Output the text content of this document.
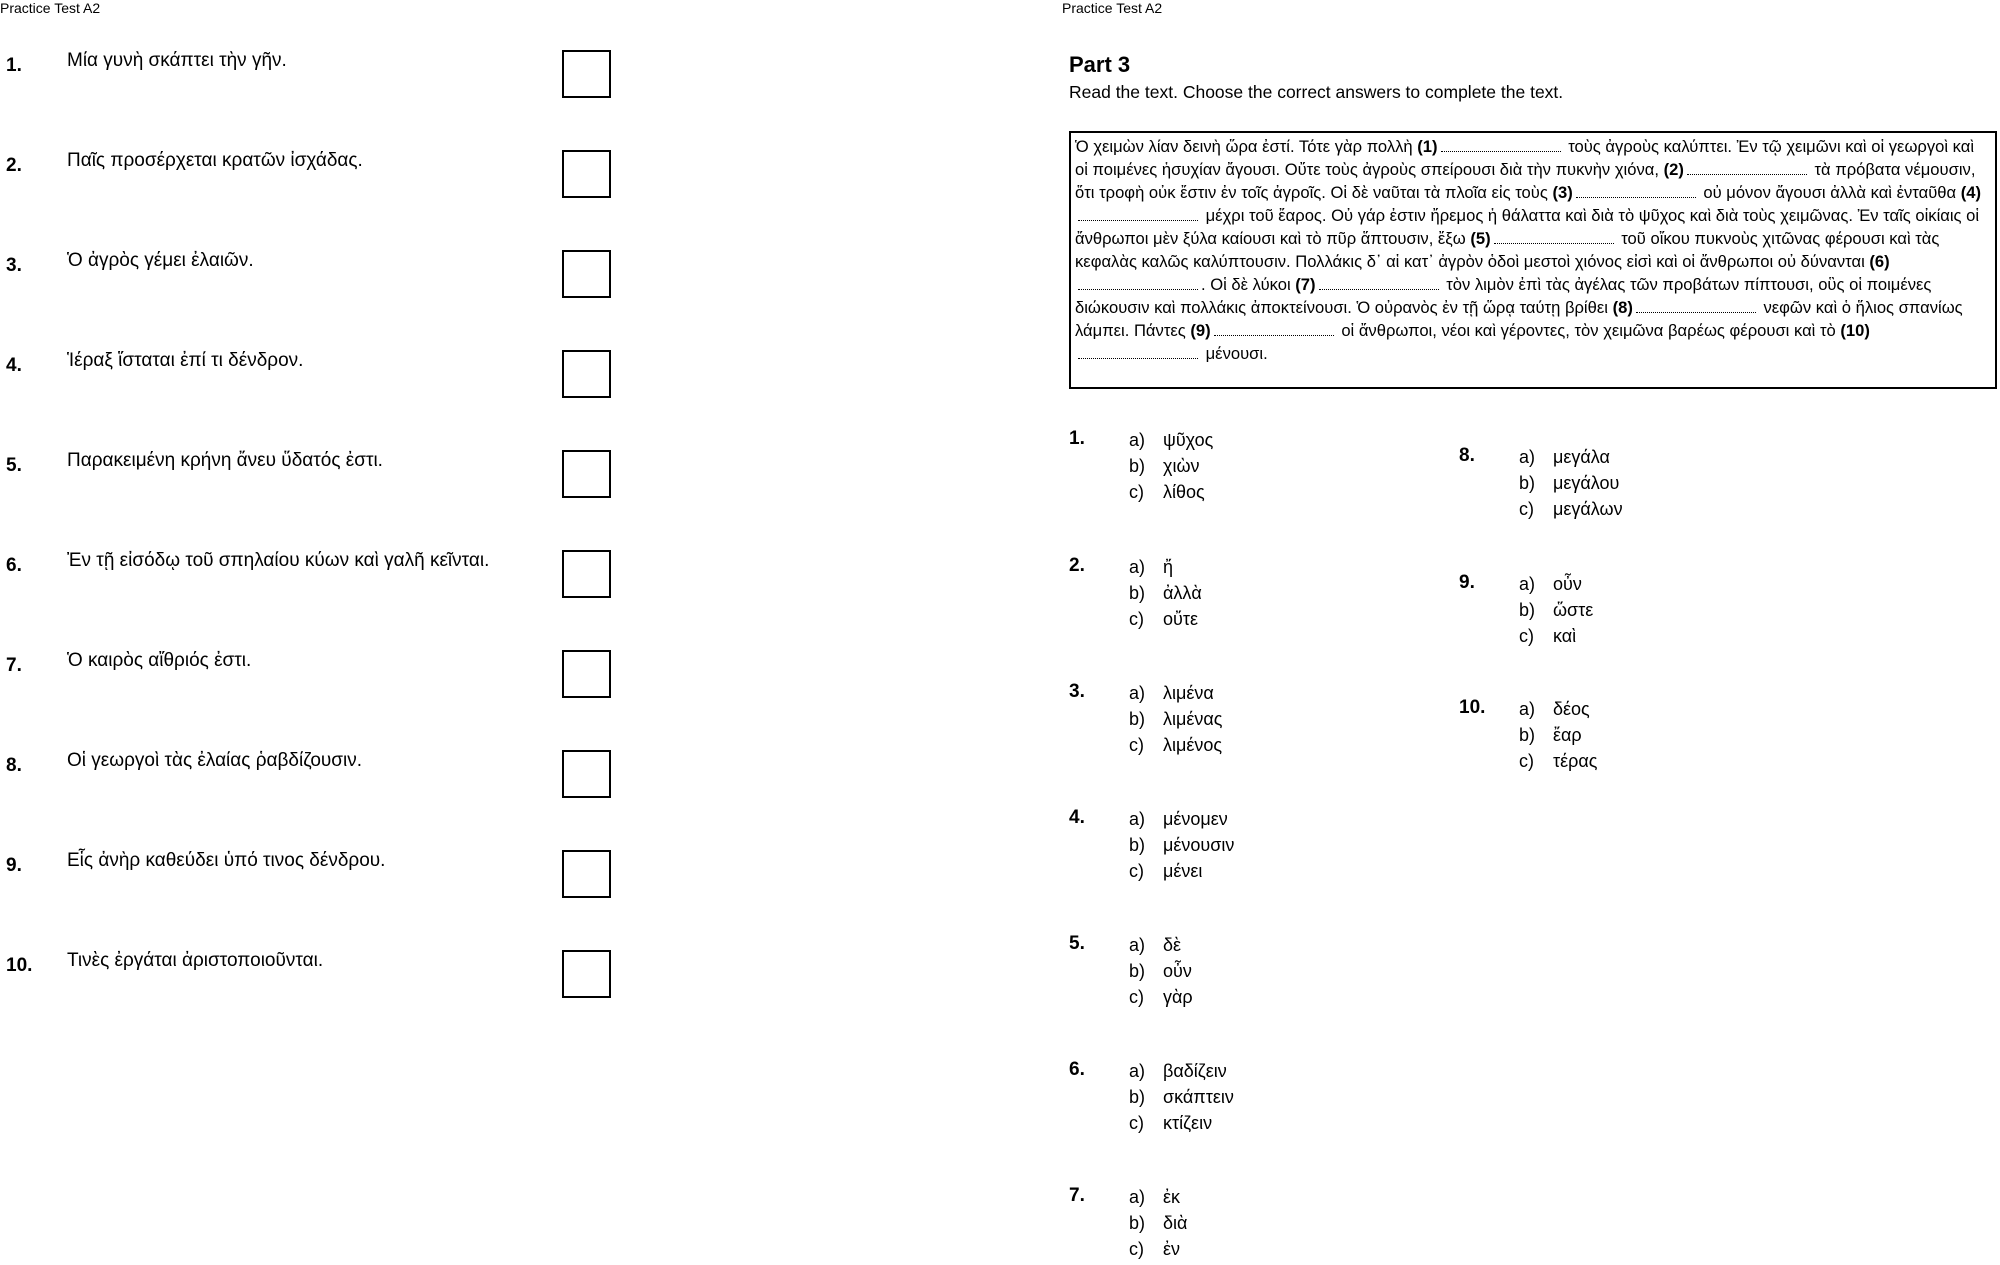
Practice Test A2
1. Μία γυνὴ σκάπτει τὴν γῆν.
2. Παῖς προσέρχεται κρατῶν ἰσχάδας.
3. Ὁ ἀγρὸς γέμει ἐλαιῶν.
4. Ἱέραξ ἵσταται ἐπί τι δένδρον.
5. Παρακειμένη κρήνη ἄνευ ὕδατός ἐστι.
6. Ἐν τῇ εἰσόδῳ τοῦ σπηλαίου κύων καὶ γαλῆ κεῖνται.
7. Ὁ καιρὸς αἴθριός ἐστι.
8. Οἱ γεωργοὶ τὰς ἐλαίας ῥαβδίζουσιν.
9. Εἷς ἀνὴρ καθεύδει ὑπό τινος δένδρου.
10. Τινὲς ἐργάται ἀριστοποιοῦνται.
Practice Test A2
Part 3
Read the text. Choose the correct answers to complete the text.
Ὁ χειμὼν λίαν δεινὴ ὥρα ἐστί. Τότε γὰρ πολλὴ (1)	τοὺς ἀγροὺς καλύπτει. Ἐν τῷ χειμῶνι καὶ οἱ γεωργοὶ καὶ οἱ ποιμένες ἡσυχίαν ἄγουσι. Οὔτε τοὺς ἀγροὺς σπείρουσι διὰ τὴν πυκνὴν χιόνα, (2)	τὰ πρόβατα νέμουσιν, ὅτι τροφὴ οὐκ ἔστιν ἐν τοῖς ἀγροῖς. Οἱ δὲ ναῦται τὰ πλοῖα εἰς τοὺς (3)	οὐ μόνον ἄγουσι ἀλλὰ καὶ ἐνταῦθα (4) μέχρι τοῦ ἔαρος. Οὐ γάρ ἐστιν ἤρεμος ἡ θάλαττα καὶ διὰ τὸ ψῦχος καὶ διὰ τοὺς χειμῶνας. Ἐν ταῖς οἰκίαις οἱ ἄνθρωποι μὲν ξύλα καίουσι καὶ τὸ πῦρ ἅπτουσιν, ἔξω (5)	τοῦ οἴκου πυκνοὺς χιτῶνας φέρουσι καὶ τὰς κεφαλὰς καλῶς καλύπτουσιν. Πολλάκις δ᾽ αἱ κατ᾽ ἀγρὸν ὁδοὶ μεστοὶ χιόνος εἰσὶ καὶ οἱ ἄνθρωποι οὐ δύνανται (6). Οἱ δὲ λύκοι (7)	τὸν λιμὸν ἐπὶ τὰς ἀγέλας τῶν προβάτων πίπτουσι, οὓς οἱ ποιμένες διώκουσιν καὶ πολλάκις ἀποκτείνουσι. Ὁ οὐρανὸς ἐν τῇ ὥρᾳ ταύτῃ βρίθει (8)	νεφῶν καὶ ὁ ἥλιος σπανίως λάμπει. Πάντες (9)	οἱ ἄνθρωποι, νέοι καὶ γέροντες, τὸν χειμῶνα βαρέως φέρουσι καὶ τὸ (10) μένουσι.
1. a) ψῦχος
b) χιὼν
c) λίθος
2. a) ἤ
b) ἀλλὰ
c) οὔτε
3. a) λιμένα
b) λιμένας
c) λιμένος
4. a) μένομεν
b) μένουσιν
c) μένει
5. a) δὲ
b) οὖν
c) γὰρ
6. a) βαδίζειν
b) σκάπτειν
c) κτίζειν
7. a) ἐκ
b) διὰ
c) ἐν
8. a) μεγάλα
b) μεγάλου
c) μεγάλων
9. a) οὖν
b) ὥστε
c) καὶ
10. a) δέος
b) ἔαρ
c) τέρας
